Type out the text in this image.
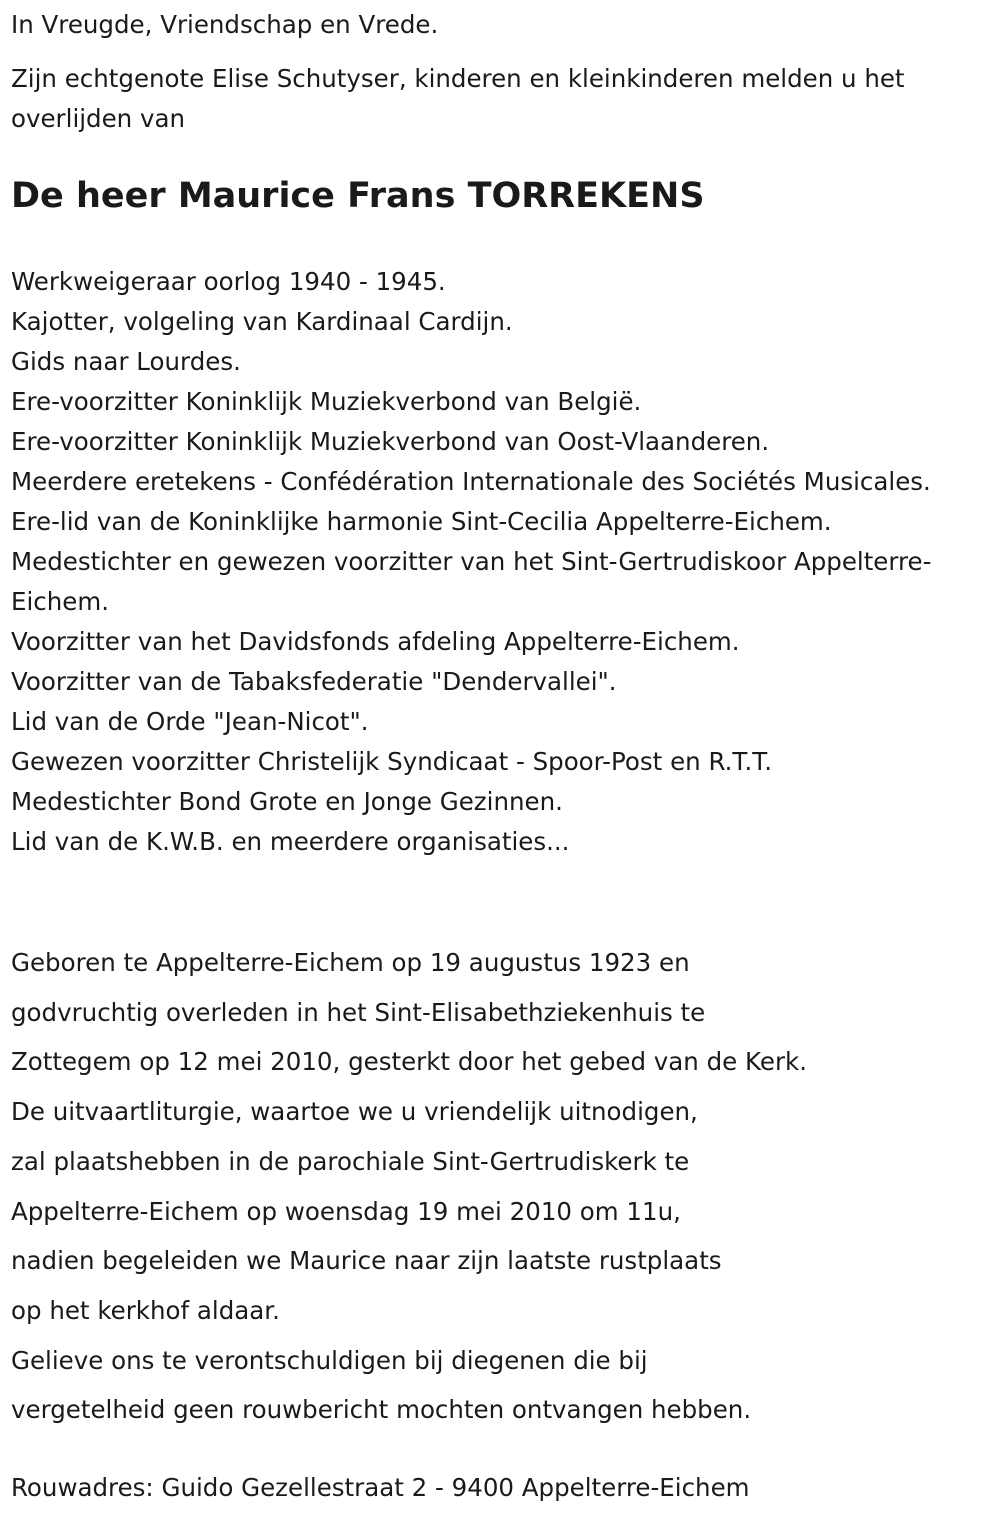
In Vreugde, Vriendschap en Vrede.
Zijn echtgenote Elise Schutyser, kinderen en kleinkinderen melden u het overlijden van
De heer Maurice Frans TORREKENS
Werkweigeraar oorlog 1940 - 1945.
Kajotter, volgeling van Kardinaal Cardijn.
Gids naar Lourdes.
Ere-voorzitter Koninklijk Muziekverbond van België.
Ere-voorzitter Koninklijk Muziekverbond van Oost-Vlaanderen.
Meerdere eretekens - Confédération Internationale des Sociétés Musicales.
Ere-lid van de Koninklijke harmonie Sint-Cecilia Appelterre-Eichem.
Medestichter en gewezen voorzitter van het Sint-Gertrudiskoor Appelterre-Eichem.
Voorzitter van het Davidsfonds afdeling Appelterre-Eichem.
Voorzitter van de Tabaksfederatie "Dendervallei".
Lid van de Orde "Jean-Nicot".
Gewezen voorzitter Christelijk Syndicaat - Spoor-Post en R.T.T.
Medestichter Bond Grote en Jonge Gezinnen.
Lid van de K.W.B. en meerdere organisaties...
Geboren te Appelterre-Eichem op 19 augustus 1923 en
godvruchtig overleden in het Sint-Elisabethziekenhuis te
Zottegem op 12 mei 2010, gesterkt door het gebed van de Kerk.
De uitvaartliturgie, waartoe we u vriendelijk uitnodigen,
zal plaatshebben in de parochiale Sint-Gertrudiskerk te
Appelterre-Eichem op woensdag 19 mei 2010 om 11u,
nadien begeleiden we Maurice naar zijn laatste rustplaats
op het kerkhof aldaar.
Gelieve ons te verontschuldigen bij diegenen die bij
vergetelheid geen rouwbericht mochten ontvangen hebben.
Rouwadres: Guido Gezellestraat 2 - 9400 Appelterre-Eichem
